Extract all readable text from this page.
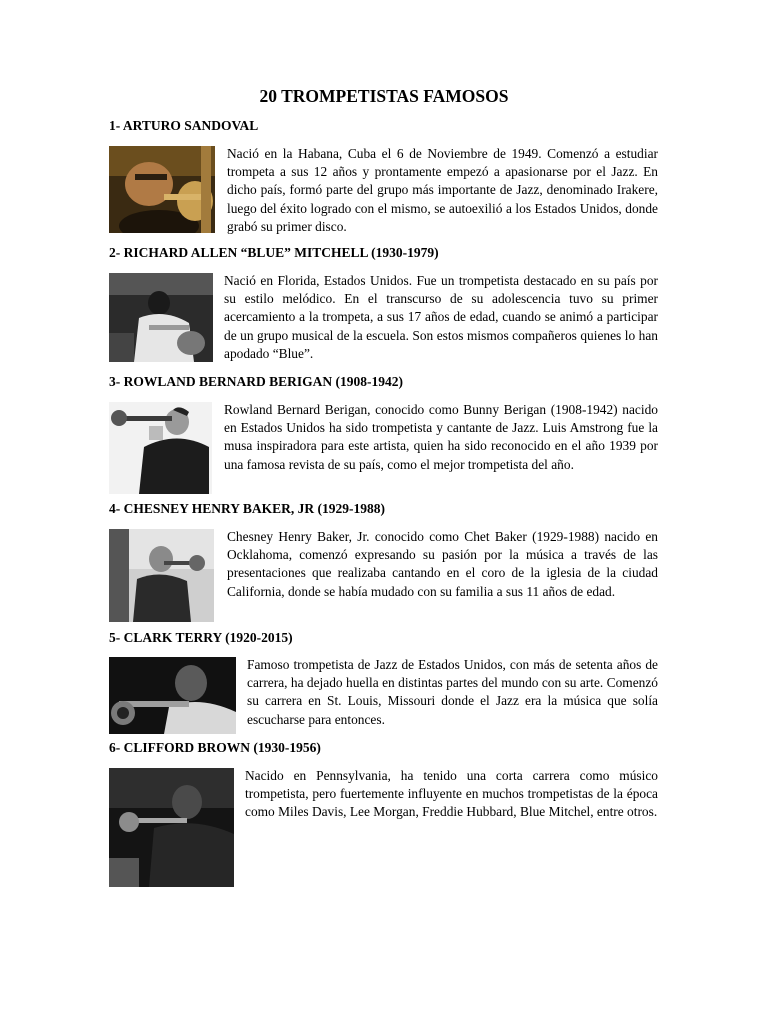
20 TROMPETISTAS FAMOSOS
1- ARTURO SANDOVAL

Nació en la Habana, Cuba el 6 de Noviembre de 1949. Comenzó a estudiar trompeta a sus 12 años y prontamente empezó a apasionarse por el Jazz. En dicho país, formó parte del grupo más importante de Jazz, denominado Irakere, luego del éxito logrado con el mismo, se autoexilió a los Estados Unidos, donde grabó su primer disco.

2- RICHARD ALLEN “BLUE” MITCHELL (1930-1979)

Nació en Florida, Estados Unidos. Fue un trompetista destacado en su país por su estilo melódico. En el transcurso de su adolescencia tuvo su primer acercamiento a la trompeta, a sus 17 años de edad, cuando se animó a participar de un grupo musical de la escuela. Son estos mismos compañeros quienes lo han apodado “Blue”.

3- ROWLAND BERNARD BERIGAN (1908-1942)

Rowland Bernard Berigan, conocido como Bunny Berigan (1908-1942) nacido en Estados Unidos ha sido trompetista y cantante de Jazz. Luis Amstrong fue la musa inspiradora para este artista, quien ha sido reconocido en el año 1939 por una famosa revista de su país, como el mejor trompetista del año.

4- CHESNEY HENRY BAKER, JR (1929-1988)

Chesney Henry Baker, Jr. conocido como Chet Baker (1929-1988) nacido en Ocklahoma, comenzó expresando su pasión por la música a través de las presentaciones que realizaba cantando en el coro de la iglesia de la ciudad California, donde se había mudado con su familia a sus 11 años de edad.

5- CLARK TERRY (1920-2015)

Famoso trompetista de Jazz de Estados Unidos, con más de setenta años de carrera, ha dejado huella en distintas partes del mundo con su arte. Comenzó su carrera en St. Louis, Missouri donde el Jazz era la música que solía escucharse para entonces.

6- CLIFFORD BROWN (1930-1956)

Nacido en Pennsylvania, ha tenido una corta carrera como músico trompetista, pero fuertemente influyente en muchos trompetistas de la época como Miles Davis, Lee Morgan, Freddie Hubbard, Blue Mitchel, entre otros.
